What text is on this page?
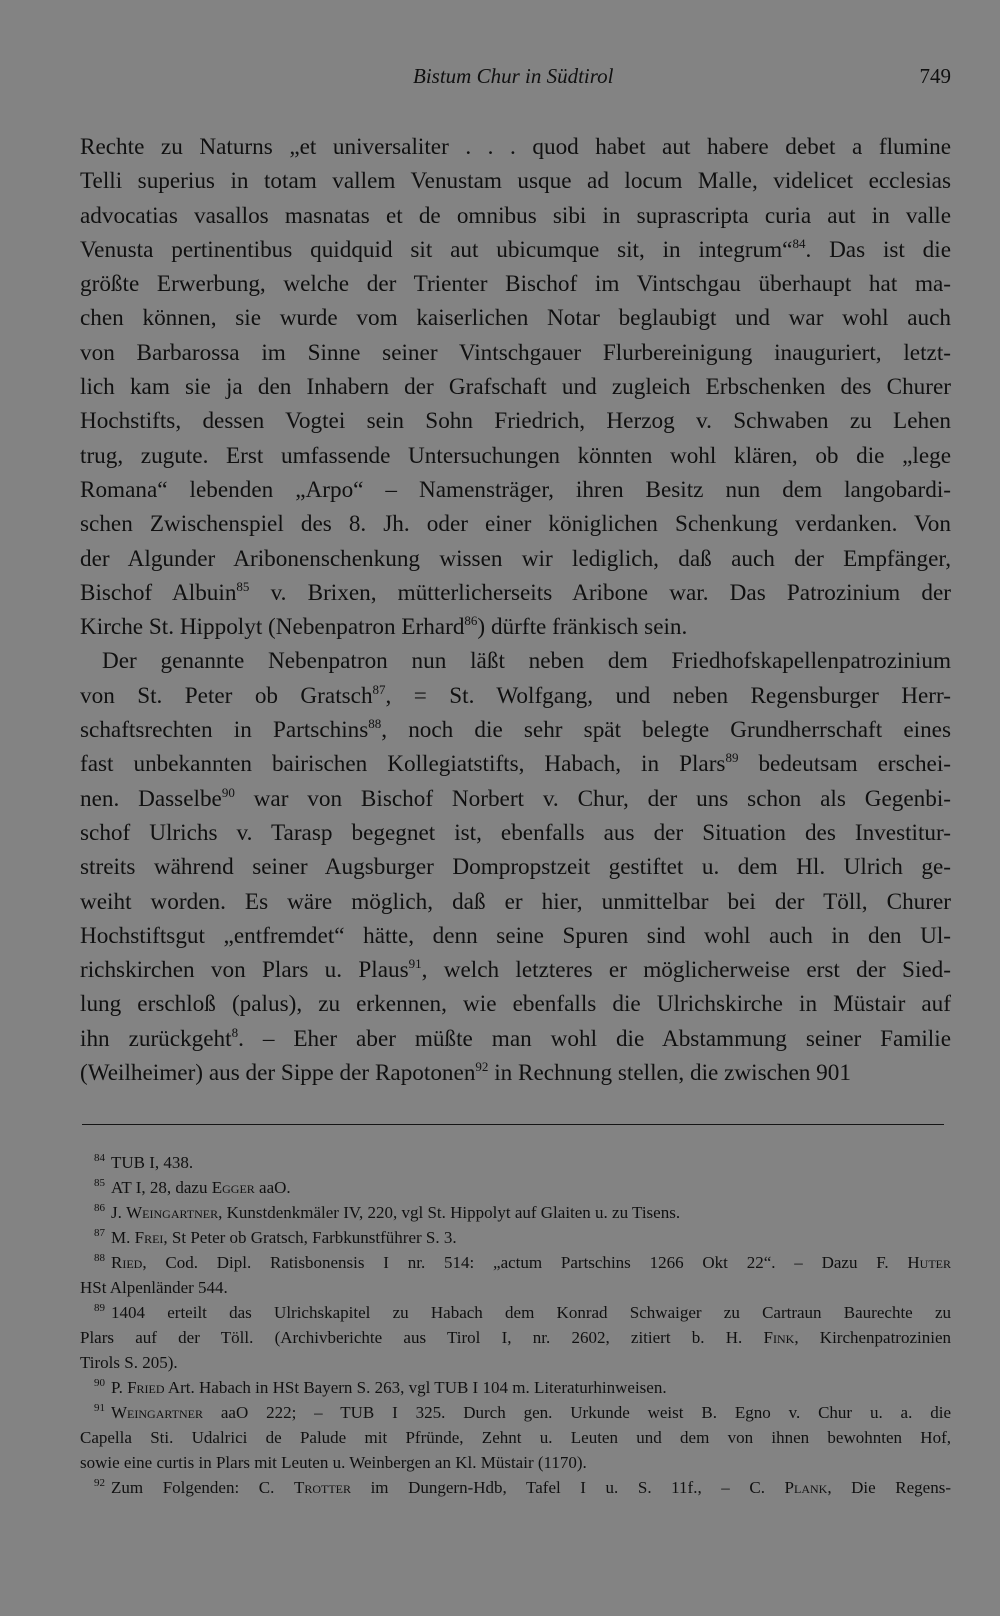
Bistum Chur in Südtirol	749
Rechte zu Naturns „et universaliter . . . quod habet aut habere debet a flumine
Telli superius in totam vallem Venustam usque ad locum Malle, videlicet ecclesias
advocatias vasallos masnatas et de omnibus sibi in suprascripta curia aut in valle
Venusta pertinentibus quidquid sit aut ubicumque sit, in integrum“$^{84}$. Das ist die
größte Erwerbung, welche der Trienter Bischof im Vintschgau überhaupt hat ma-
chen können, sie wurde vom kaiserlichen Notar beglaubigt und war wohl auch
von Barbarossa im Sinne seiner Vintschgauer Flurbereinigung inauguriert, letzt-
lich kam sie ja den Inhabern der Grafschaft und zugleich Erbschenken des Churer
Hochstifts, dessen Vogtei sein Sohn Friedrich, Herzog v. Schwaben zu Lehen
trug, zugute. Erst umfassende Untersuchungen könnten wohl klären, ob die „lege
Romana“ lebenden „Arpo“ – Namensträger, ihren Besitz nun dem langobardi-
schen Zwischenspiel des 8. Jh. oder einer königlichen Schenkung verdanken. Von
der Algunder Aribonenschenkung wissen wir lediglich, daß auch der Empfänger,
Bischof Albuin$^{85}$ v. Brixen, mütterlicherseits Aribone war. Das Patrozinium der
Kirche St. Hippolyt (Nebenpatron Erhard$^{86}$) dürfte fränkisch sein.
Der genannte Nebenpatron nun läßt neben dem Friedhofskapellenpatrozinium
von St. Peter ob Gratsch$^{87}$, = St. Wolfgang, und neben Regensburger Herr-
schaftsrechten in Partschins$^{88}$, noch die sehr spät belegte Grundherrschaft eines
fast unbekannten bairischen Kollegiatstifts, Habach, in Plars$^{89}$ bedeutsam erschei-
nen. Dasselbe$^{90}$ war von Bischof Norbert v. Chur, der uns schon als Gegenbi-
schof Ulrichs v. Tarasp begegnet ist, ebenfalls aus der Situation des Investitur-
streits während seiner Augsburger Dompropstzeit gestiftet u. dem Hl. Ulrich ge-
weiht worden. Es wäre möglich, daß er hier, unmittelbar bei der Töll, Churer
Hochstiftsgut „entfremdet“ hätte, denn seine Spuren sind wohl auch in den Ul-
richskirchen von Plars u. Plaus$^{91}$, welch letzteres er möglicherweise erst der Sied-
lung erschloß (palus), zu erkennen, wie ebenfalls die Ulrichskirche in Müstair auf
ihn zurückgeht$^8$. – Eher aber müßte man wohl die Abstammung seiner Familie
(Weilheimer) aus der Sippe der Rapotonen$^{92}$ in Rechnung stellen, die zwischen 901
$^{84}$ TUB I, 438.
$^{85}$ AT I, 28, dazu Egger aaO.
$^{86}$ J. Weingartner, Kunstdenkmäler IV, 220, vgl St. Hippolyt auf Glaiten u. zu Tisens.
$^{87}$ M. Frei, St Peter ob Gratsch, Farbkunstführer S. 3.
$^{88}$ Ried, Cod. Dipl. Ratisbonensis I nr. 514: „actum Partschins 1266 Okt 22“. – Dazu F. Huter
HSt Alpenländer 544.
$^{89}$ 1404 erteilt das Ulrichskapitel zu Habach dem Konrad Schwaiger zu Cartraun Baurechte zu
Plars auf der Töll. (Archivberichte aus Tirol I, nr. 2602, zitiert b. H. Fink, Kirchenpatrozinien
Tirols S. 205).
$^{90}$ P. Fried Art. Habach in HSt Bayern S. 263, vgl TUB I 104 m. Literaturhinweisen.
$^{91}$ Weingartner aaO 222; – TUB I 325. Durch gen. Urkunde weist B. Egno v. Chur u. a. die
Capella Sti. Udalrici de Palude mit Pfründe, Zehnt u. Leuten und dem von ihnen bewohnten Hof,
sowie eine curtis in Plars mit Leuten u. Weinbergen an Kl. Müstair (1170).
$^{92}$ Zum Folgenden: C. Trotter im Dungern-Hdb, Tafel I u. S. 11f., – C. Plank, Die Regens-
